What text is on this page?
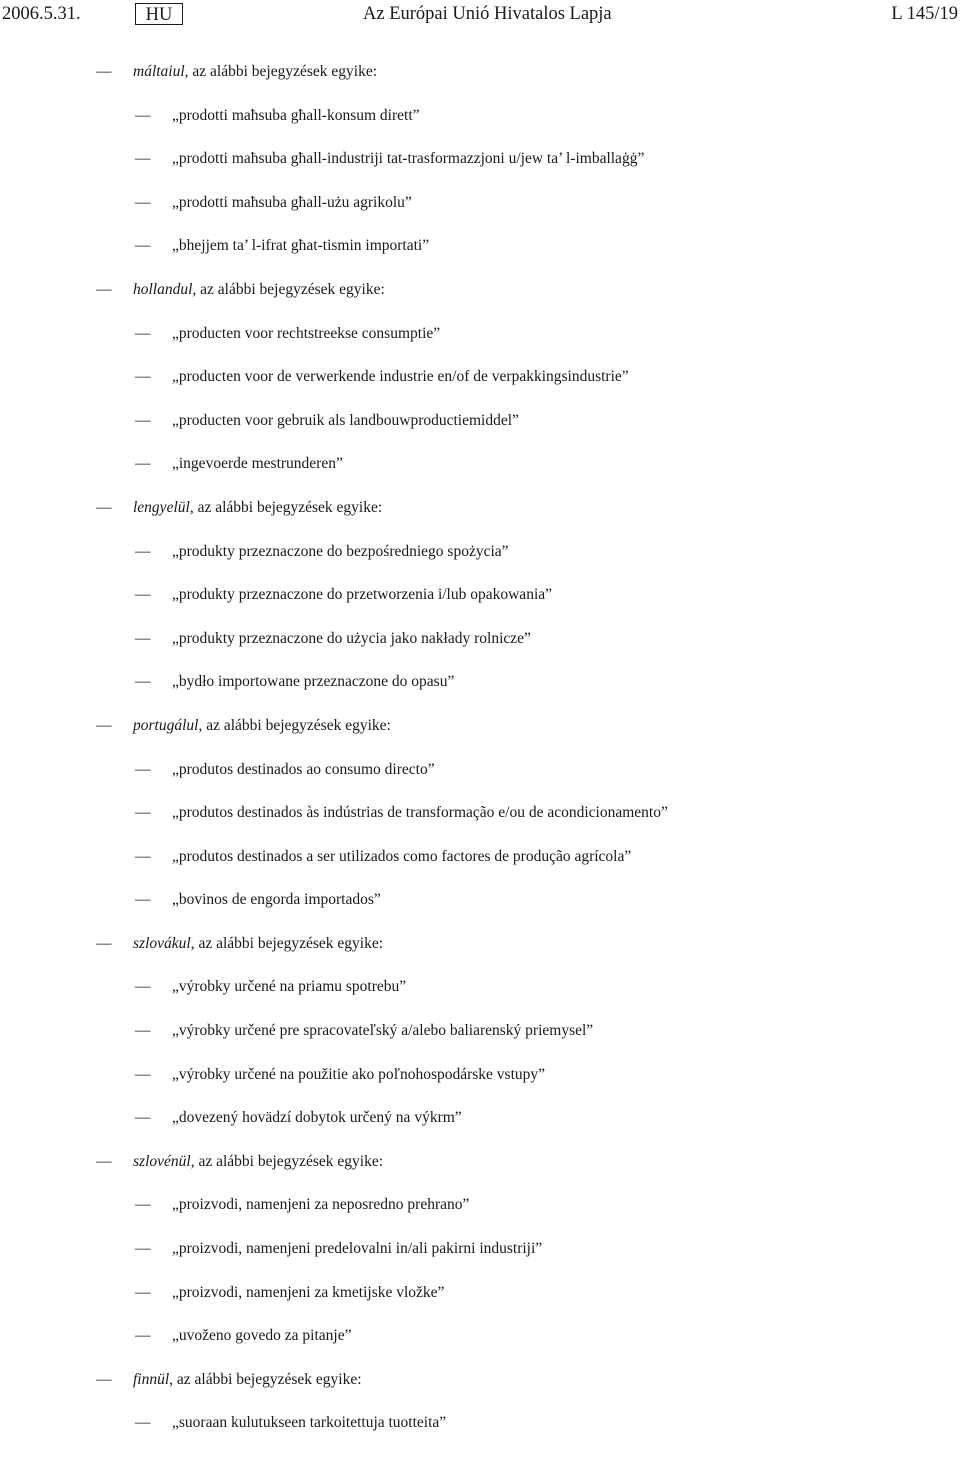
2006.5.31.	HU	Az Európai Unió Hivatalos Lapja	L 145/19
— máltaiul, az alábbi bejegyzések egyike:
— „prodotti maħsuba għall-konsum dirett”
— „prodotti maħsuba għall-industriji tat-trasformazzjoni u/jew ta’ l-imballaġġ”
— „prodotti maħsuba għall-użu agrikolu”
— „bhejjem ta’ l-ifrat għat-tismin importati”
— hollandul, az alábbi bejegyzések egyike:
— „producten voor rechtstreekse consumptie”
— „producten voor de verwerkende industrie en/of de verpakkingsindustrie”
— „producten voor gebruik als landbouwproductiemiddel”
— „ingevoerde mestrunderen”
— lengyelül, az alábbi bejegyzések egyike:
— „produkty przeznaczone do bezpośredniego spożycia”
— „produkty przeznaczone do przetworzenia i/lub opakowania”
— „produkty przeznaczone do użycia jako nakłady rolnicze”
— „bydło importowane przeznaczone do opasu”
— portugálul, az alábbi bejegyzések egyike:
— „produtos destinados ao consumo directo”
— „produtos destinados às indústrias de transformação e/ou de acondicionamento”
— „produtos destinados a ser utilizados como factores de produção agrícola”
— „bovinos de engorda importados”
— szlovákul, az alábbi bejegyzések egyike:
— „výrobky určené na priamu spotrebu”
— „výrobky určené pre spracovateľský a/alebo baliarenský priemysel”
— „výrobky určené na použitie ako poľnohospodárske vstupy”
— „dovezený hovädzí dobytok určený na výkrm”
— szlovénül, az alábbi bejegyzések egyike:
— „proizvodi, namenjeni za neposredno prehrano”
— „proizvodi, namenjeni predelovalni in/ali pakirni industriji”
— „proizvodi, namenjeni za kmetijske vložke”
— „uvoženo govedo za pitanje”
— finnül, az alábbi bejegyzések egyike:
— „suoraan kulutukseen tarkoitettuja tuotteita”
